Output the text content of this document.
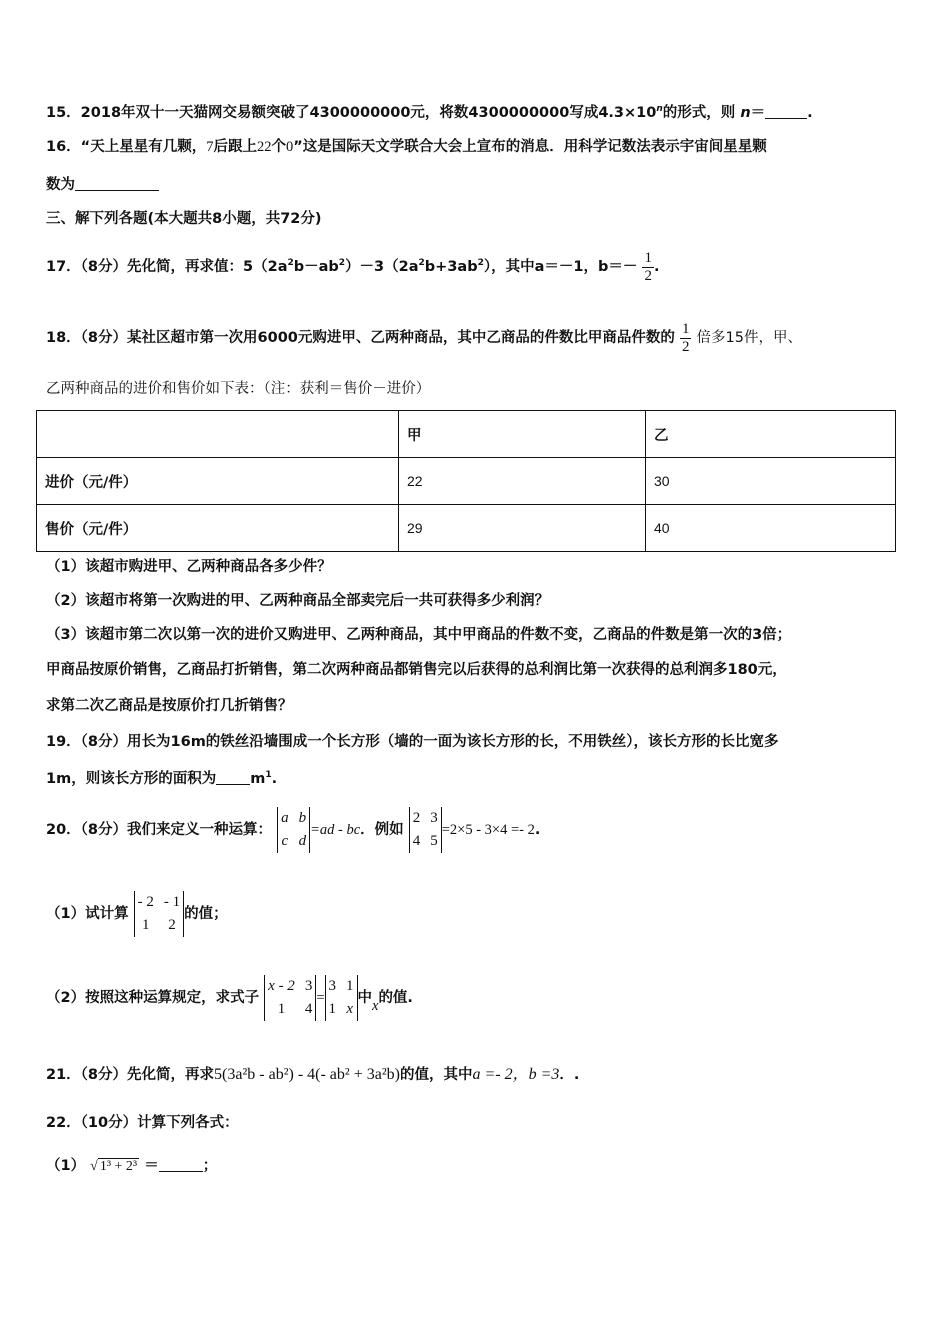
15．2018年双十一天猫网交易额突破了4300000000元，将数4300000000写成$4.3\times 10^n$的形式，则 n＝	.
16．“天上星星有几颗，7后跟上22个0”这是国际天文学联合大会上宣布的消息．用科学记数法表示宇宙间星星颗
数为
三、解下列各题(本大题共8小题，共72分)
17．（8分）先化简，再求值：$5(2a^2b-ab^2)-3(2a^2b+3ab^2)$，其中a＝－1，$b=- \frac{1}{2}$ .
18．（8分）某社区超市第一次用6000元购进甲、乙两种商品，其中乙商品的件数比甲商品件数的 $\frac{1}{2}$ 倍多15件，甲、
乙两种商品的进价和售价如下表：（注：获利＝售价－进价）
	甲	乙
进价（元/件）	22	30
售价（元/件）	29	40
（1）该超市购进甲、乙两种商品各多少件？
（2）该超市将第一次购进的甲、乙两种商品全部卖完后一共可获得多少利润？
（3）该超市第二次以第一次的进价又购进甲、乙两种商品，其中甲商品的件数不变，乙商品的件数是第一次的3倍；
甲商品按原价销售，乙商品打折销售，第二次两种商品都销售完以后获得的总利润比第一次获得的总利润多180元，
求第二次乙商品是按原价打几折销售？
19．（8分）用长为16m的铁丝沿墙围成一个长方形（墙的一面为该长方形的长，不用铁丝），该长方形的长比宽多
1m，则该长方形的面积为 $m^1$.
20．（8分）我们来定义一种运算：
a b
c d
=ad - bc．例如
2 3
4 5
=2×5 - 3×4 =- 2.
（1）试计算
- 2 - 1
1 2
的值；
（2）按照这种运算规定，求式子
x - 2 3
1	4
=
3 1
1 x
中x的值.
21．（8分）先化简，再求5(3a²b - ab²) - 4(- ab² + 3a²b)的值，其中a =- 2，b =3．.
22．（10分）计算下列各式：
（1） √ 1³ + 2³ ＝	；
